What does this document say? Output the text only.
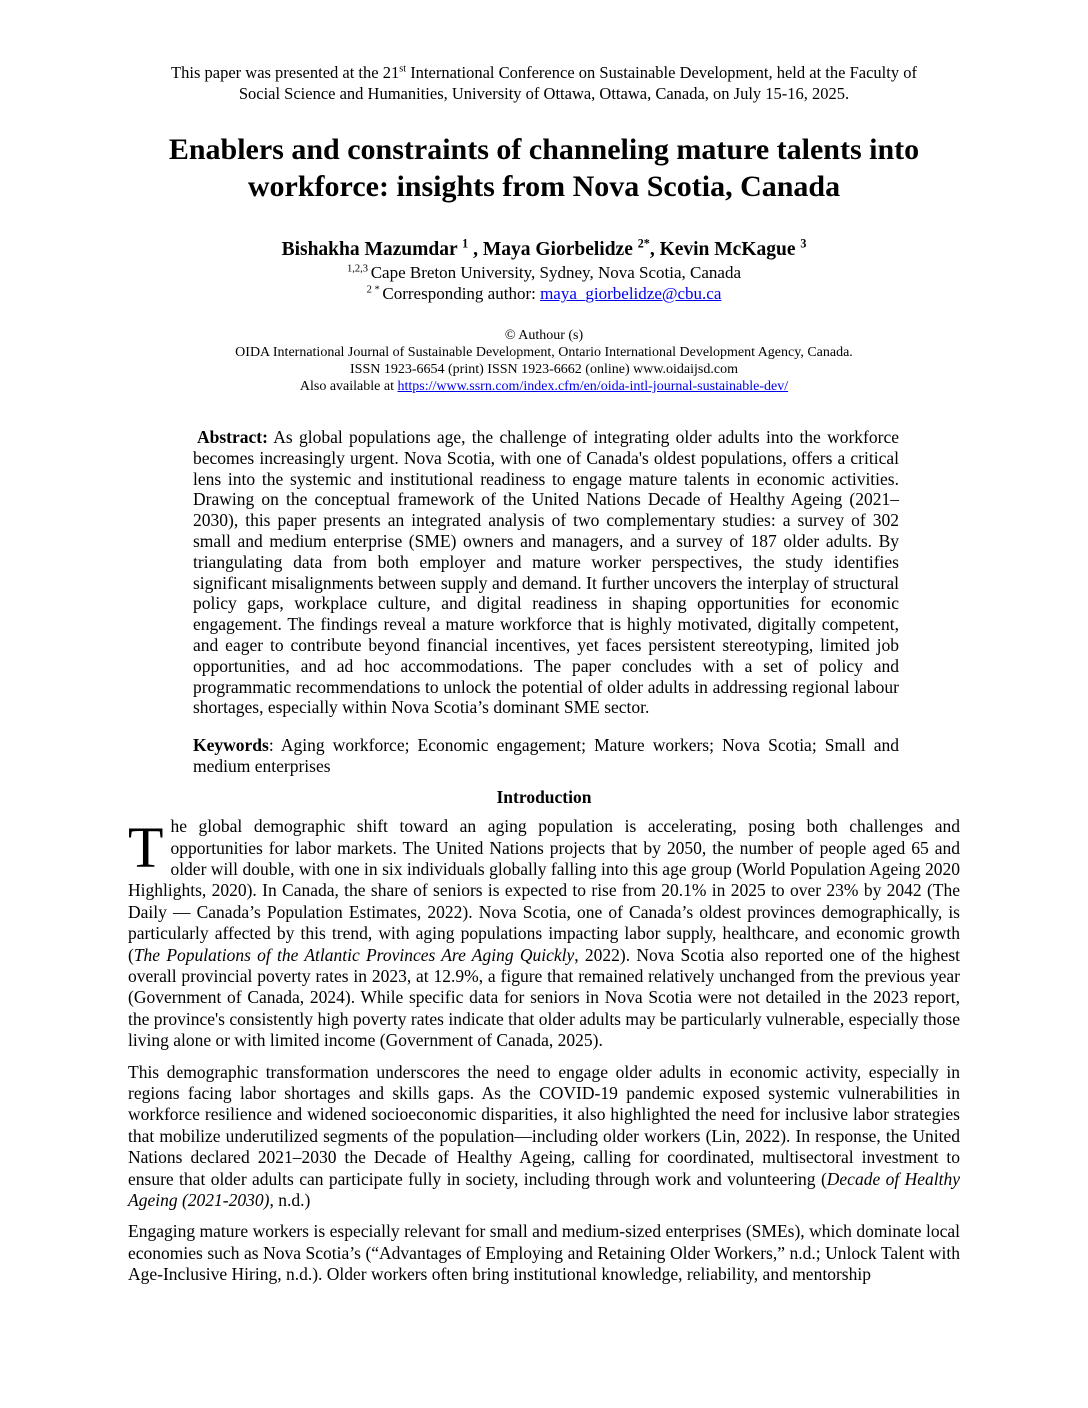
This paper was presented at the 21st International Conference on Sustainable Development, held at the Faculty of Social Science and Humanities, University of Ottawa, Ottawa, Canada, on July 15-16, 2025.

Enablers and constraints of channeling mature talents into workforce: insights from Nova Scotia, Canada

Bishakha Mazumdar $^1$ , Maya Giorbelidze $^{2*}$, Kevin McKague $^3$

$^{1,2,3}$ Cape Breton University, Sydney, Nova Scotia, Canada

$^{2 *}$ Corresponding author: maya_giorbelidze@cbu.ca

© Authour (s)

OIDA International Journal of Sustainable Development, Ontario International Development Agency, Canada.

ISSN 1923-6654 (print) ISSN 1923-6662 (online) www.oidaijsd.com

Also available at https://www.ssrn.com/index.cfm/en/oida-intl-journal-sustainable-dev/

Abstract: As global populations age, the challenge of integrating older adults into the workforce becomes increasingly urgent. Nova Scotia, with one of Canada's oldest populations, offers a critical lens into the systemic and institutional readiness to engage mature talents in economic activities. Drawing on the conceptual framework of the United Nations Decade of Healthy Ageing (2021–2030), this paper presents an integrated analysis of two complementary studies: a survey of 302 small and medium enterprise (SME) owners and managers, and a survey of 187 older adults. By triangulating data from both employer and mature worker perspectives, the study identifies significant misalignments between supply and demand. It further uncovers the interplay of structural policy gaps, workplace culture, and digital readiness in shaping opportunities for economic engagement. The findings reveal a mature workforce that is highly motivated, digitally competent, and eager to contribute beyond financial incentives, yet faces persistent stereotyping, limited job opportunities, and ad hoc accommodations. The paper concludes with a set of policy and programmatic recommendations to unlock the potential of older adults in addressing regional labour shortages, especially within Nova Scotia’s dominant SME sector.

Keywords: Aging workforce; Economic engagement; Mature workers; Nova Scotia; Small and medium enterprises

Introduction

The global demographic shift toward an aging population is accelerating, posing both challenges and opportunities for labor markets. The United Nations projects that by 2050, the number of people aged 65 and older will double, with one in six individuals globally falling into this age group (World Population Ageing 2020 Highlights, 2020). In Canada, the share of seniors is expected to rise from 20.1% in 2025 to over 23% by 2042 (The Daily — Canada’s Population Estimates, 2022). Nova Scotia, one of Canada’s oldest provinces demographically, is particularly affected by this trend, with aging populations impacting labor supply, healthcare, and economic growth (The Populations of the Atlantic Provinces Are Aging Quickly, 2022). Nova Scotia also reported one of the highest overall provincial poverty rates in 2023, at 12.9%, a figure that remained relatively unchanged from the previous year (Government of Canada, 2024). While specific data for seniors in Nova Scotia were not detailed in the 2023 report, the province's consistently high poverty rates indicate that older adults may be particularly vulnerable, especially those living alone or with limited income (Government of Canada, 2025).

This demographic transformation underscores the need to engage older adults in economic activity, especially in regions facing labor shortages and skills gaps. As the COVID-19 pandemic exposed systemic vulnerabilities in workforce resilience and widened socioeconomic disparities, it also highlighted the need for inclusive labor strategies that mobilize underutilized segments of the population—including older workers (Lin, 2022). In response, the United Nations declared 2021–2030 the Decade of Healthy Ageing, calling for coordinated, multisectoral investment to ensure that older adults can participate fully in society, including through work and volunteering (Decade of Healthy Ageing (2021-2030), n.d.)

Engaging mature workers is especially relevant for small and medium-sized enterprises (SMEs), which dominate local economies such as Nova Scotia’s (“Advantages of Employing and Retaining Older Workers,” n.d.; Unlock Talent with Age-Inclusive Hiring, n.d.). Older workers often bring institutional knowledge, reliability, and mentorship
